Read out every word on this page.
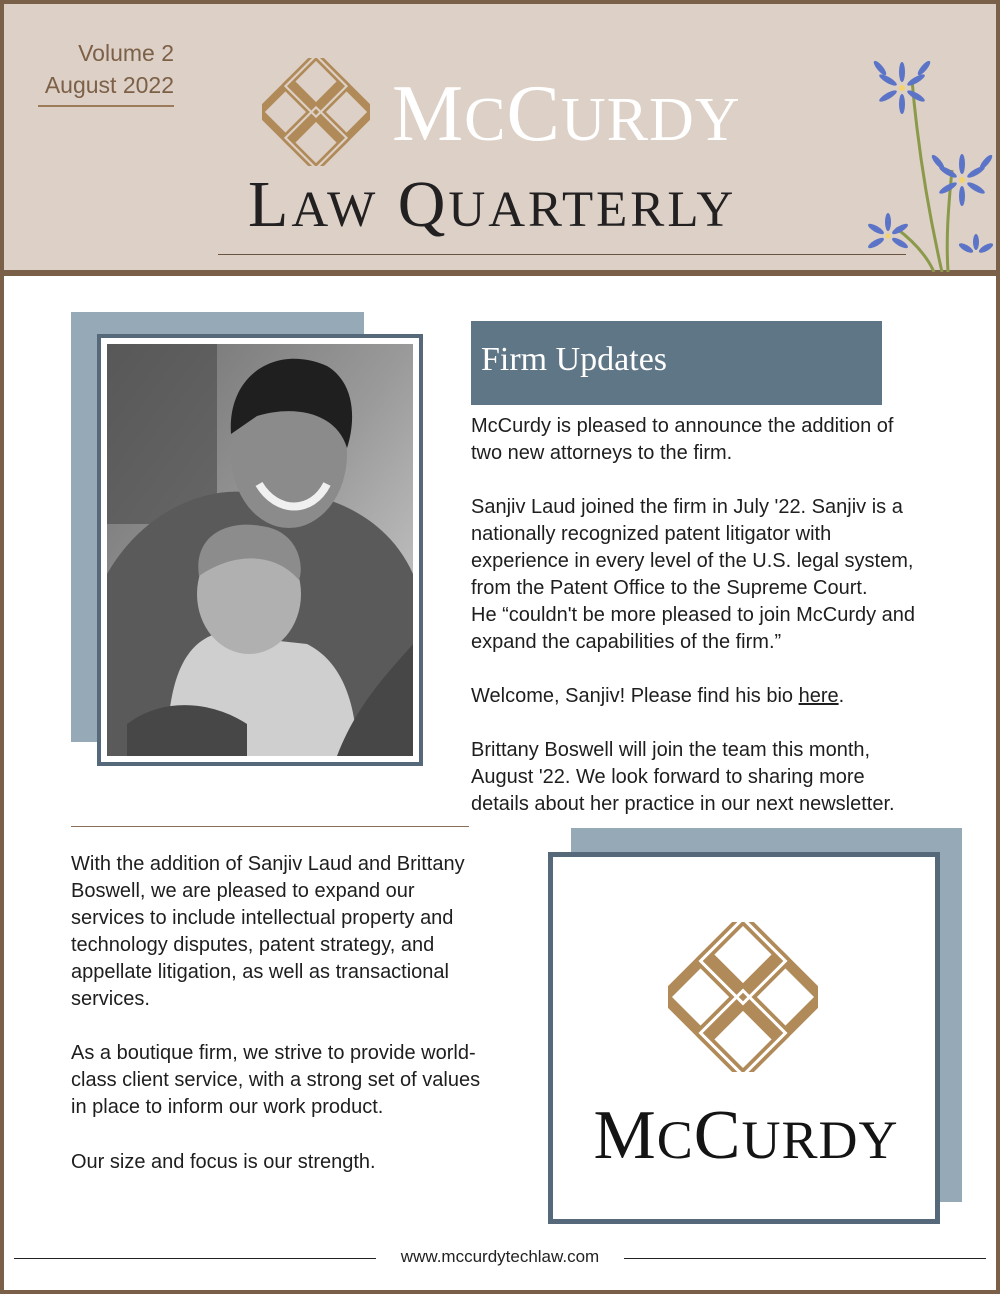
Volume 2
August 2022	MCCURDY
LAW QUARTERLY
Firm Updates
McCurdy is pleased to announce the addition of
two new attorneys to the firm.
Sanjiv Laud joined the firm in July '22. Sanjiv is a
nationally recognized patent litigator with
experience in every level of the U.S. legal system,
from the Patent Office to the Supreme Court.
He “couldn't be more pleased to join McCurdy and
expand the capabilities of the firm.”
Welcome, Sanjiv! Please find his bio here.
Brittany Boswell will join the team this month,
August '22. We look forward to sharing more
details about her practice in our next newsletter.
With the addition of Sanjiv Laud and Brittany
Boswell, we are pleased to expand our
services to include intellectual property and
technology disputes, patent strategy, and
appellate litigation, as well as transactional
services.
As a boutique firm, we strive to provide world-
class client service, with a strong set of values
in place to inform our work product.
Our size and focus is our strength.	MCCURDY
www.mccurdytechlaw.com
